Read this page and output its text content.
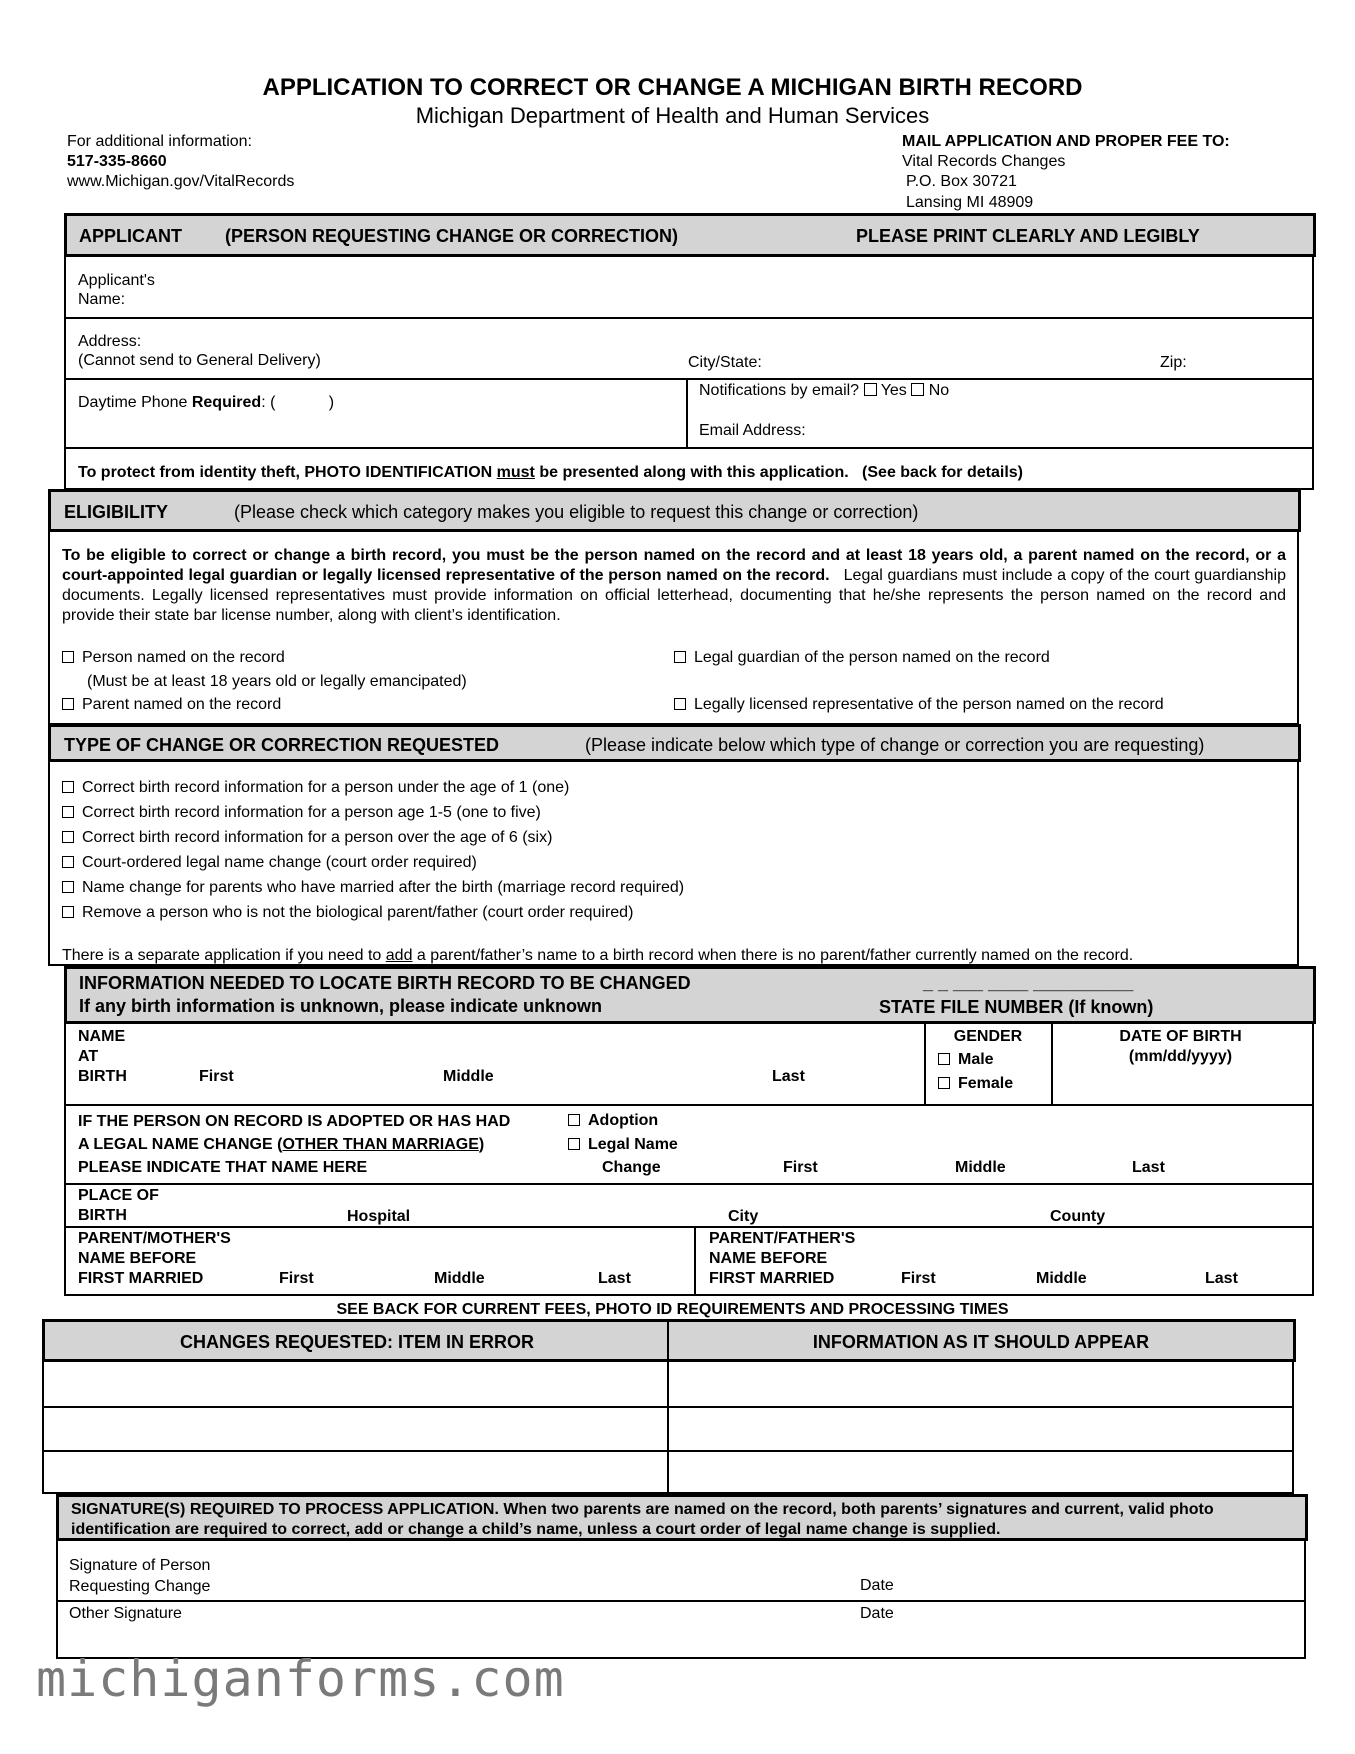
APPLICATION TO CORRECT OR CHANGE A MICHIGAN BIRTH RECORD
Michigan Department of Health and Human Services
For additional information:
517-335-8660
www.Michigan.gov/VitalRecords
MAIL APPLICATION AND PROPER FEE TO:
Vital Records Changes
P.O. Box 30721
Lansing MI 48909
APPLICANT (PERSON REQUESTING CHANGE OR CORRECTION)	PLEASE PRINT CLEARLY AND LEGIBLY
Applicant's
Name:
Address:
(Cannot send to General Delivery)	City/State:	Zip:
Daytime Phone Required: (            )
Notifications by email? Yes No
Email Address:
To protect from identity theft, PHOTO IDENTIFICATION must be presented along with this application.   (See back for details)
ELIGIBILITY	(Please check which category makes you eligible to request this change or correction)
To be eligible to correct or change a birth record, you must be the person named on the record and at least 18 years old, a parent named on the record, or a court-appointed legal guardian or legally licensed representative of the person named on the record. Legal guardians must include a copy of the court guardianship documents. Legally licensed representatives must provide information on official letterhead, documenting that he/she represents the person named on the record and provide their state bar license number, along with client’s identification.
Person named on the record
(Must be at least 18 years old or legally emancipated)
Parent named on the record
Legal guardian of the person named on the record
Legally licensed representative of the person named on the record
TYPE OF CHANGE OR CORRECTION REQUESTED	(Please indicate below which type of change or correction you are requesting)
Correct birth record information for a person under the age of 1 (one)
Correct birth record information for a person age 1-5 (one to five)
Correct birth record information for a person over the age of 6 (six)
Court-ordered legal name change (court order required)
Name change for parents who have married after the birth (marriage record required)
Remove a person who is not the biological parent/father (court order required)
There is a separate application if you need to add a parent/father’s name to a birth record when there is no parent/father currently named on the record.
INFORMATION NEEDED TO LOCATE BIRTH RECORD TO BE CHANGED
If any birth information is unknown, please indicate unknown
_ _ ___ ____ __________
STATE FILE NUMBER (If known)
NAME
AT
BIRTH	First	Middle	Last
GENDER
Male
Female
DATE OF BIRTH
(mm/dd/yyyy)
IF THE PERSON ON RECORD IS ADOPTED OR HAS HAD
A LEGAL NAME CHANGE (OTHER THAN MARRIAGE)
PLEASE INDICATE THAT NAME HERE
Adoption
Legal Name
Change	First	Middle	Last
PLACE OF
BIRTH	Hospital	City	County
PARENT/MOTHER'S
NAME BEFORE
FIRST MARRIED	First	Middle	Last
PARENT/FATHER'S
NAME BEFORE
FIRST MARRIED	First	Middle	Last
SEE BACK FOR CURRENT FEES, PHOTO ID REQUIREMENTS AND PROCESSING TIMES
CHANGES REQUESTED: ITEM IN ERROR	INFORMATION AS IT SHOULD APPEAR
SIGNATURE(S) REQUIRED TO PROCESS APPLICATION. When two parents are named on the record, both parents’ signatures and current, valid photo identification are required to correct, add or change a child’s name, unless a court order of legal name change is supplied.
Signature of Person
Requesting Change	Date
Other Signature	Date
michiganforms.com
